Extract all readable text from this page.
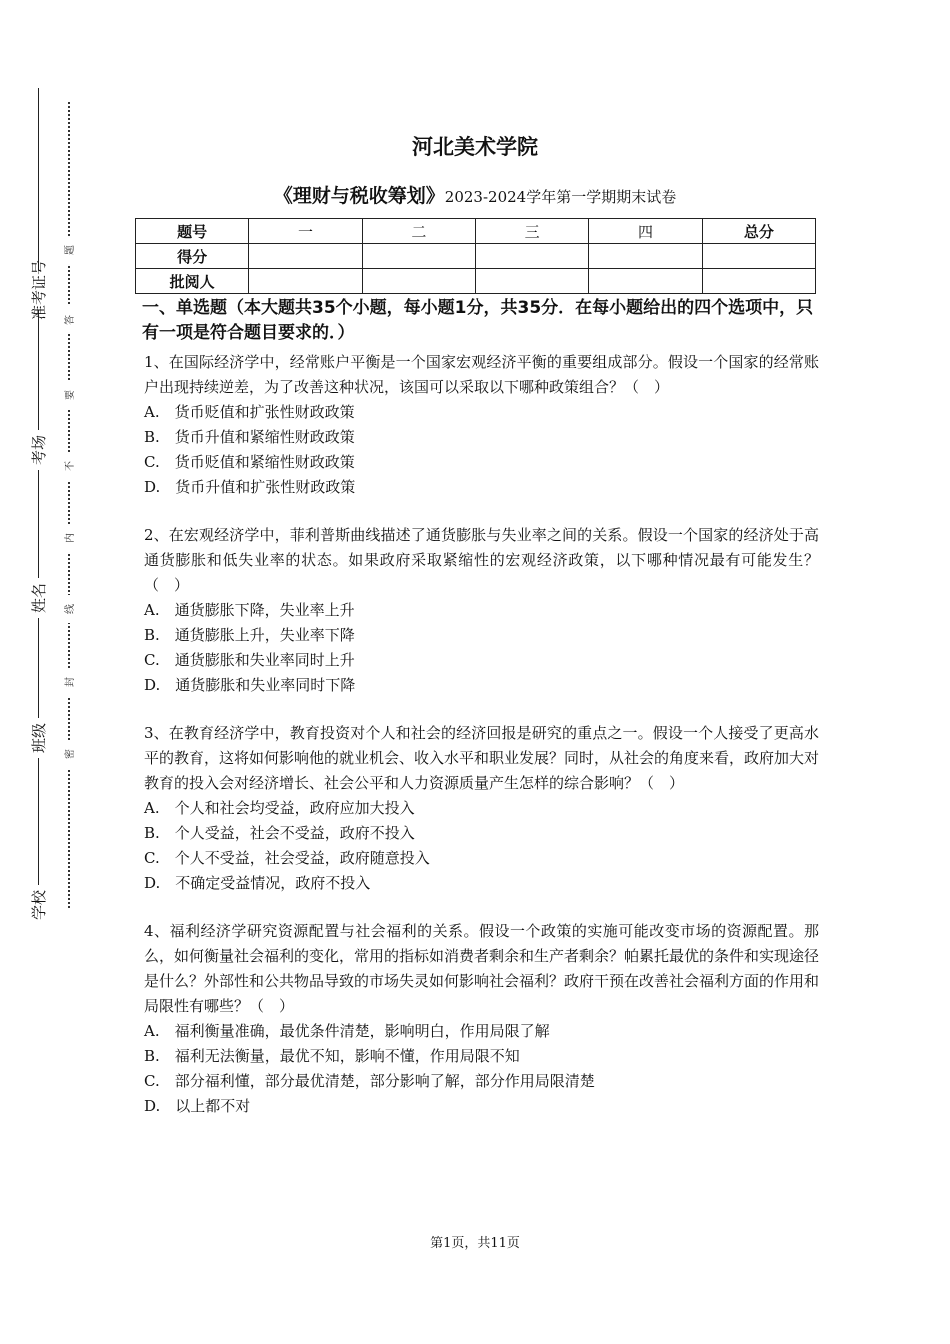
准考证号
考场
姓名
班级
学校
题
答
要
不
内
线
封
密
河北美术学院
《理财与税收筹划》2023-2024学年第一学期期末试卷
题号	一	二	三	四	总分
得分					
批阅人					
一、单选题（本大题共35个小题，每小题1分，共35分．在每小题给出的四个选项中，只有一项是符合题目要求的．）
1、在国际经济学中，经常账户平衡是一个国家宏观经济平衡的重要组成部分。假设一个国家的经常账户出现持续逆差，为了改善这种状况，该国可以采取以下哪种政策组合？（　）
A.　货币贬值和扩张性财政政策
B.　货币升值和紧缩性财政政策
C.　货币贬值和紧缩性财政政策
D.　货币升值和扩张性财政政策
2、在宏观经济学中，菲利普斯曲线描述了通货膨胀与失业率之间的关系。假设一个国家的经济处于高通货膨胀和低失业率的状态。如果政府采取紧缩性的宏观经济政策，以下哪种情况最有可能发生？（　）
A.　通货膨胀下降，失业率上升
B.　通货膨胀上升，失业率下降
C.　通货膨胀和失业率同时上升
D.　通货膨胀和失业率同时下降
3、在教育经济学中，教育投资对个人和社会的经济回报是研究的重点之一。假设一个人接受了更高水平的教育，这将如何影响他的就业机会、收入水平和职业发展？同时，从社会的角度来看，政府加大对教育的投入会对经济增长、社会公平和人力资源质量产生怎样的综合影响？（　）
A.　个人和社会均受益，政府应加大投入
B.　个人受益，社会不受益，政府不投入
C.　个人不受益，社会受益，政府随意投入
D.　不确定受益情况，政府不投入
4、福利经济学研究资源配置与社会福利的关系。假设一个政策的实施可能改变市场的资源配置。那么，如何衡量社会福利的变化，常用的指标如消费者剩余和生产者剩余？帕累托最优的条件和实现途径是什么？外部性和公共物品导致的市场失灵如何影响社会福利？政府干预在改善社会福利方面的作用和局限性有哪些？（　）
A.　福利衡量准确，最优条件清楚，影响明白，作用局限了解
B.　福利无法衡量，最优不知，影响不懂，作用局限不知
C.　部分福利懂，部分最优清楚，部分影响了解，部分作用局限清楚
D.　以上都不对
第1页，共11页
